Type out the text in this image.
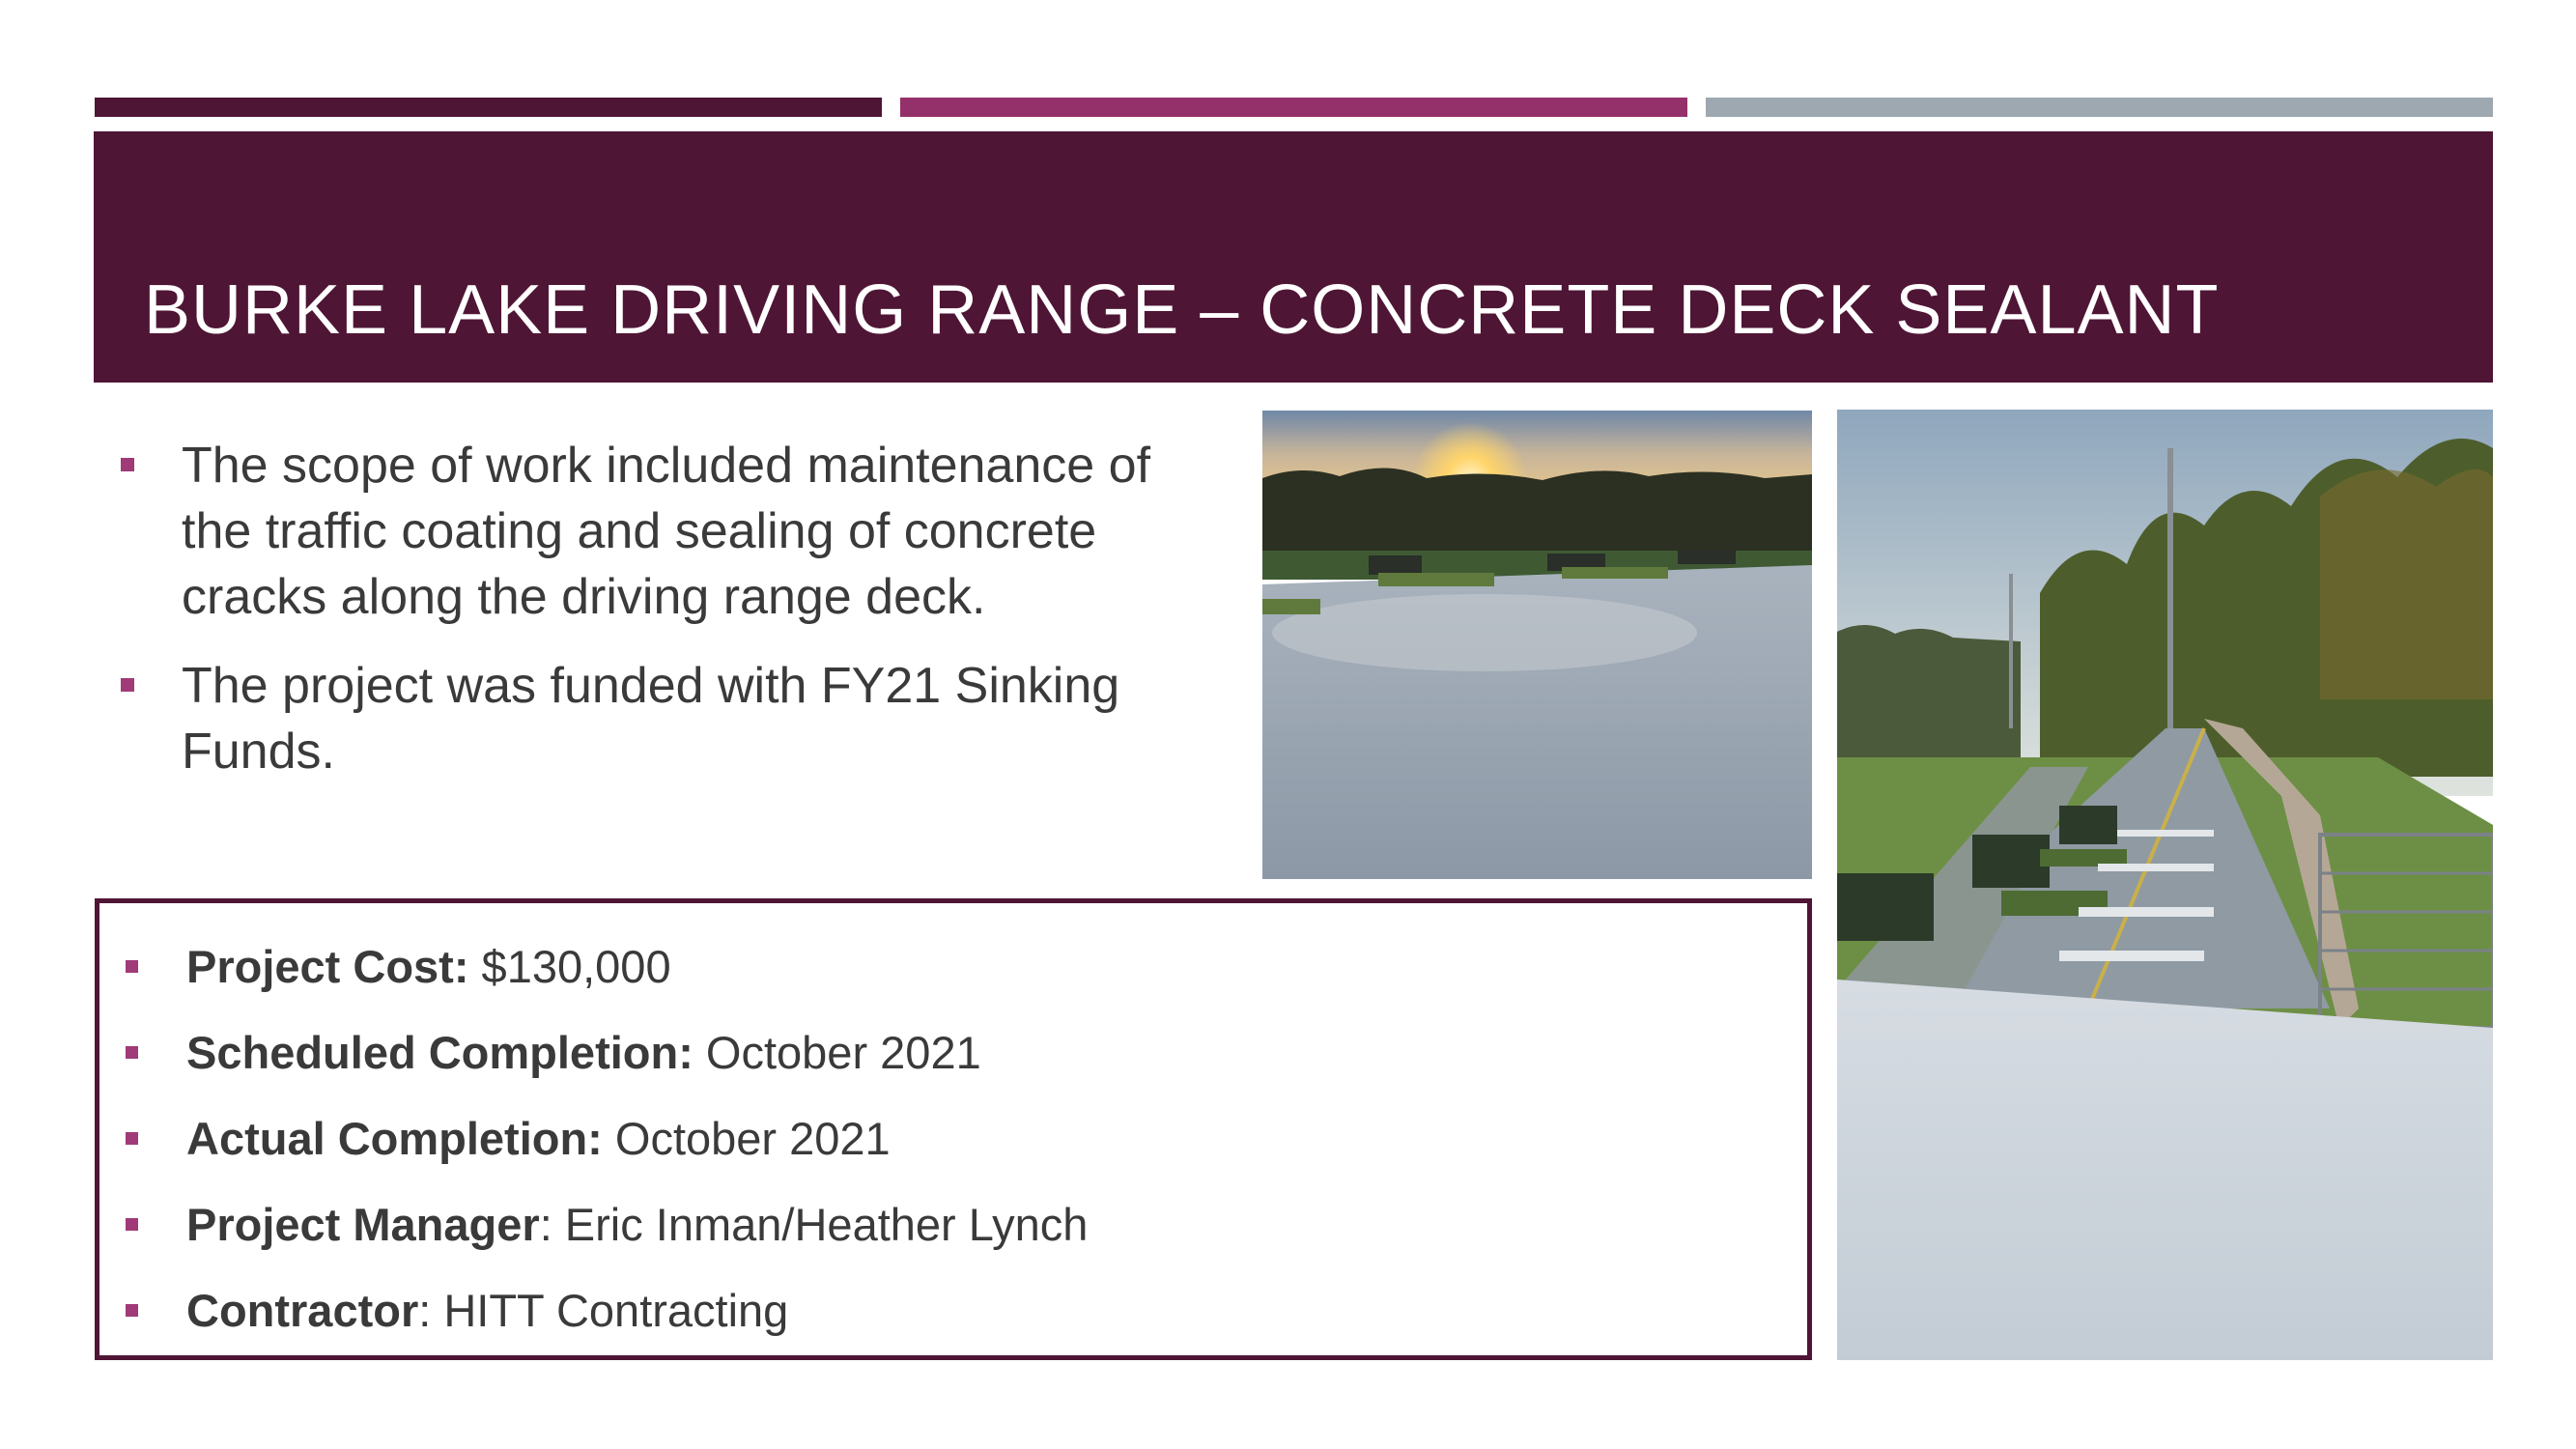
BURKE LAKE DRIVING RANGE – CONCRETE DECK SEALANT
The scope of work included maintenance of the traffic coating and sealing of concrete cracks along the driving range deck.
The project was funded with FY21 Sinking Funds.
Project Cost: $130,000
Scheduled Completion: October 2021
Actual Completion: October 2021
Project Manager: Eric Inman/Heather Lynch
Contractor: HITT Contracting
